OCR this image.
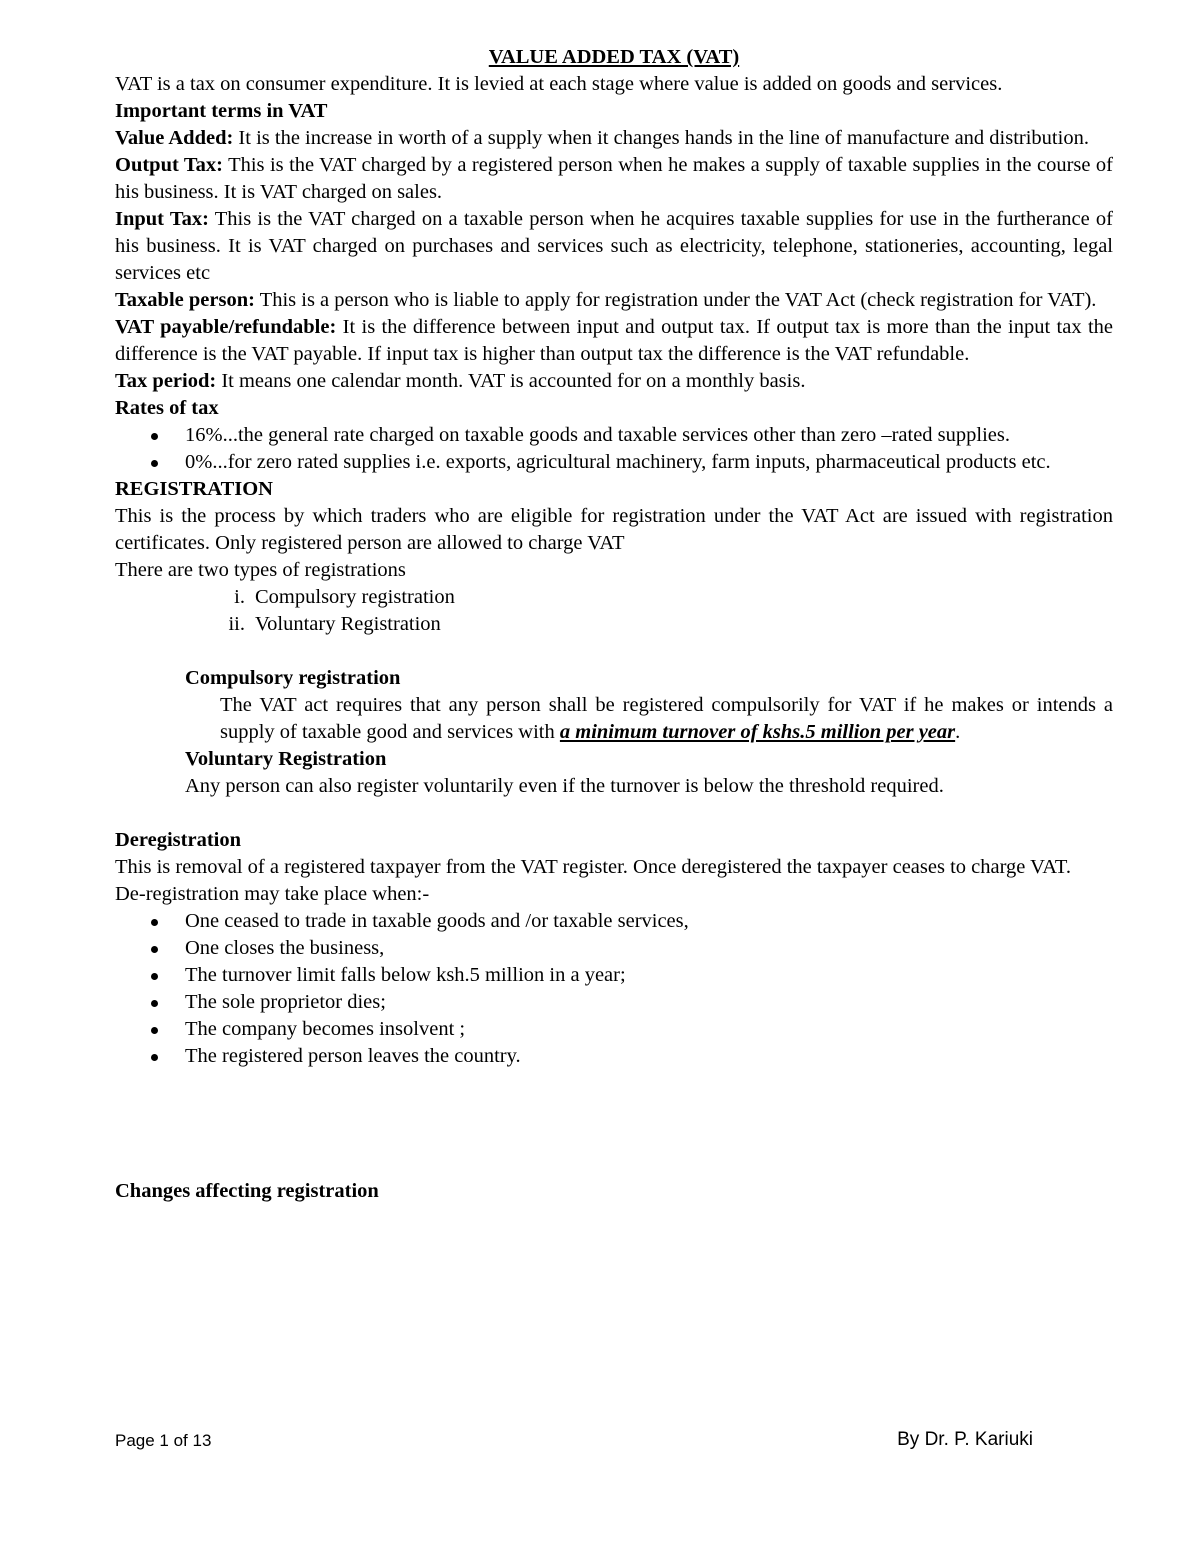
VALUE ADDED TAX (VAT)

VAT is a tax on consumer expenditure. It is levied at each stage where value is added on goods and services.

Important terms in VAT

Value Added: It is the increase in worth of a supply when it changes hands in the line of manufacture and distribution.

Output Tax: This is the VAT charged by a registered person when he makes a supply of taxable supplies in the course of his business. It is VAT charged on sales.

Input Tax: This is the VAT charged on a taxable person when he acquires taxable supplies for use in the furtherance of his business. It is VAT charged on purchases and services such as electricity, telephone, stationeries, accounting, legal services etc

Taxable person: This is a person who is liable to apply for registration under the VAT Act (check registration for VAT).

VAT payable/refundable: It is the difference between input and output tax. If output tax is more than the input tax the difference is the VAT payable. If input tax is higher than output tax the difference is the VAT refundable.

Tax period: It means one calendar month. VAT is accounted for on a monthly basis.

Rates of tax

16%...the general rate charged on taxable goods and taxable services other than zero –rated supplies.
0%...for zero rated supplies i.e. exports, agricultural machinery, farm inputs, pharmaceutical products etc.

REGISTRATION

This is the process by which traders who are eligible for registration under the VAT Act are issued with registration certificates. Only registered person are allowed to charge VAT

There are two types of registrations

i. Compulsory registration
ii. Voluntary Registration

Compulsory registration

The VAT act requires that any person shall be registered compulsorily for VAT if he makes or intends a supply of taxable good and services with a minimum turnover of kshs.5 million per year.

Voluntary Registration

Any person can also register voluntarily even if the turnover is below the threshold required.

Deregistration

This is removal of a registered taxpayer from the VAT register. Once deregistered the taxpayer ceases to charge VAT.

De-registration may take place when:-

One ceased to trade in taxable goods and /or taxable services,
One closes the business,
The turnover limit falls below ksh.5 million in a year;
The sole proprietor dies;
The company becomes insolvent ;
The registered person leaves the country.

Changes affecting registration

Page 1 of 13	By Dr. P. Kariuki
